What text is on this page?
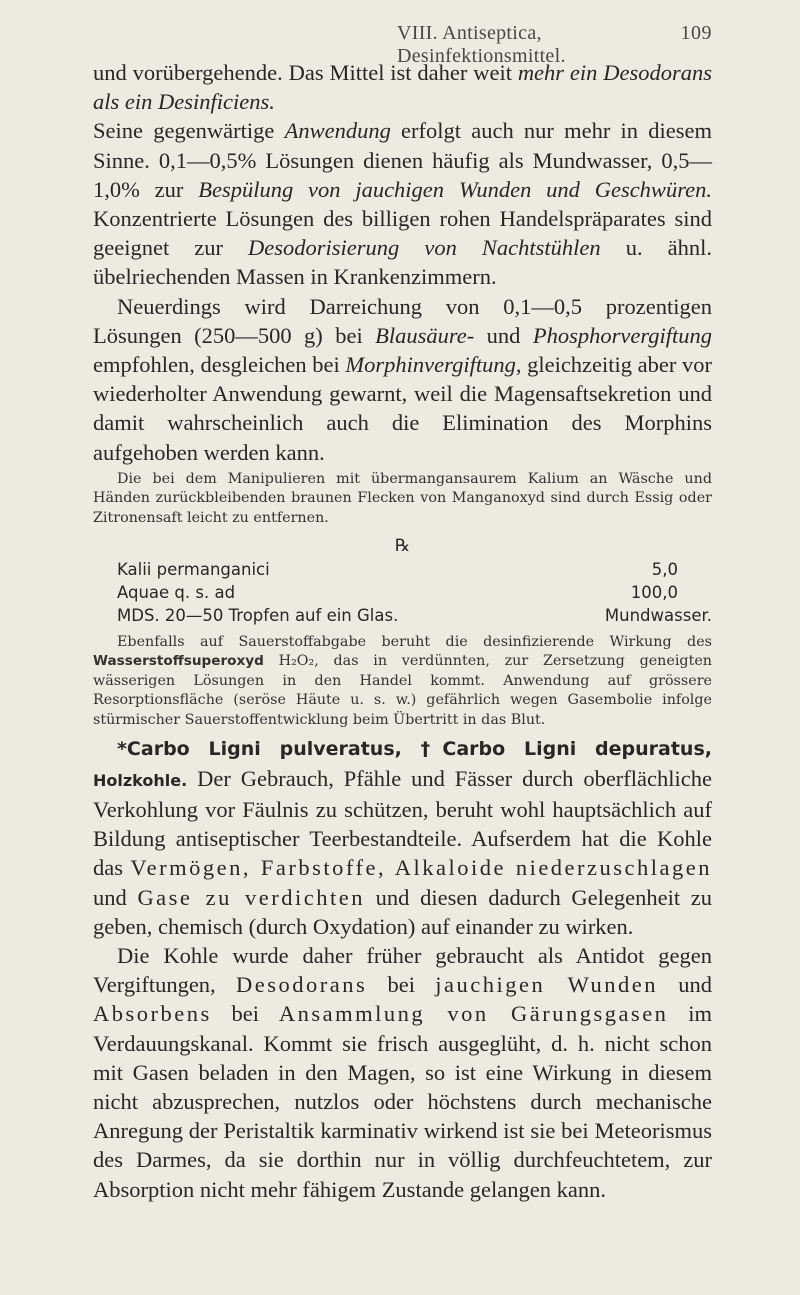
VIII. Antiseptica, Desinfektionsmittel.
109

und vorübergehende. Das Mittel ist daher weit mehr ein Desodorans als ein Desinficiens.
Seine gegenwärtige Anwendung erfolgt auch nur mehr in diesem Sinne. 0,1—0,5% Lösungen dienen häufig als Mundwasser, 0,5—1,0% zur Bespülung von jauchigen Wunden und Geschwüren. Konzentrierte Lösungen des billigen rohen Handelspräparates sind geeignet zur Desodorisierung von Nachtstühlen u. ähnl. übelriechenden Massen in Krankenzimmern.

Neuerdings wird Darreichung von 0,1—0,5 prozentigen Lösungen (250—500 g) bei Blausäure- und Phosphorvergiftung empfohlen, desgleichen bei Morphinvergiftung, gleichzeitig aber vor wiederholter Anwendung gewarnt, weil die Magensaftsekretion und damit wahrscheinlich auch die Elimination des Morphins aufgehoben werden kann.

Die bei dem Manipulieren mit übermangansaurem Kalium an Wäsche und Händen zurückbleibenden braunen Flecken von Manganoxyd sind durch Essig oder Zitronensaft leicht zu entfernen.
℞
Kalii permanganici	5,0
Aquae q. s. ad	100,0
MDS. 20—50 Tropfen auf ein Glas.	Mundwasser.
Ebenfalls auf Sauerstoffabgabe beruht die desinfizierende Wirkung des Wasserstoffsuperoxyd H₂O₂, das in verdünnten, zur Zersetzung geneigten wässerigen Lösungen in den Handel kommt. Anwendung auf grössere Resorptionsfläche (seröse Häute u. s. w.) gefährlich wegen Gasembolie infolge stürmischer Sauerstoffentwicklung beim Übertritt in das Blut.

*Carbo Ligni pulveratus, †Carbo Ligni depuratus, Holzkohle. Der Gebrauch, Pfähle und Fässer durch oberflächliche Verkohlung vor Fäulnis zu schützen, beruht wohl hauptsächlich auf Bildung antiseptischer Teerbestandteile. Aufserdem hat die Kohle das Vermögen, Farbstoffe, Alkaloide niederzuschlagen und Gase zu verdichten und diesen dadurch Gelegenheit zu geben, chemisch (durch Oxydation) auf einander zu wirken.

Die Kohle wurde daher früher gebraucht als Antidot gegen Vergiftungen, Desodorans bei jauchigen Wunden und Absorbens bei Ansammlung von Gärungsgasen im Verdauungskanal. Kommt sie frisch ausgeglüht, d. h. nicht schon mit Gasen beladen in den Magen, so ist eine Wirkung in diesem nicht abzusprechen, nutzlos oder höchstens durch mechanische Anregung der Peristaltik karminativ wirkend ist sie bei Meteorismus des Darmes, da sie dorthin nur in völlig durchfeuchtetem, zur Absorption nicht mehr fähigem Zustande gelangen kann.
